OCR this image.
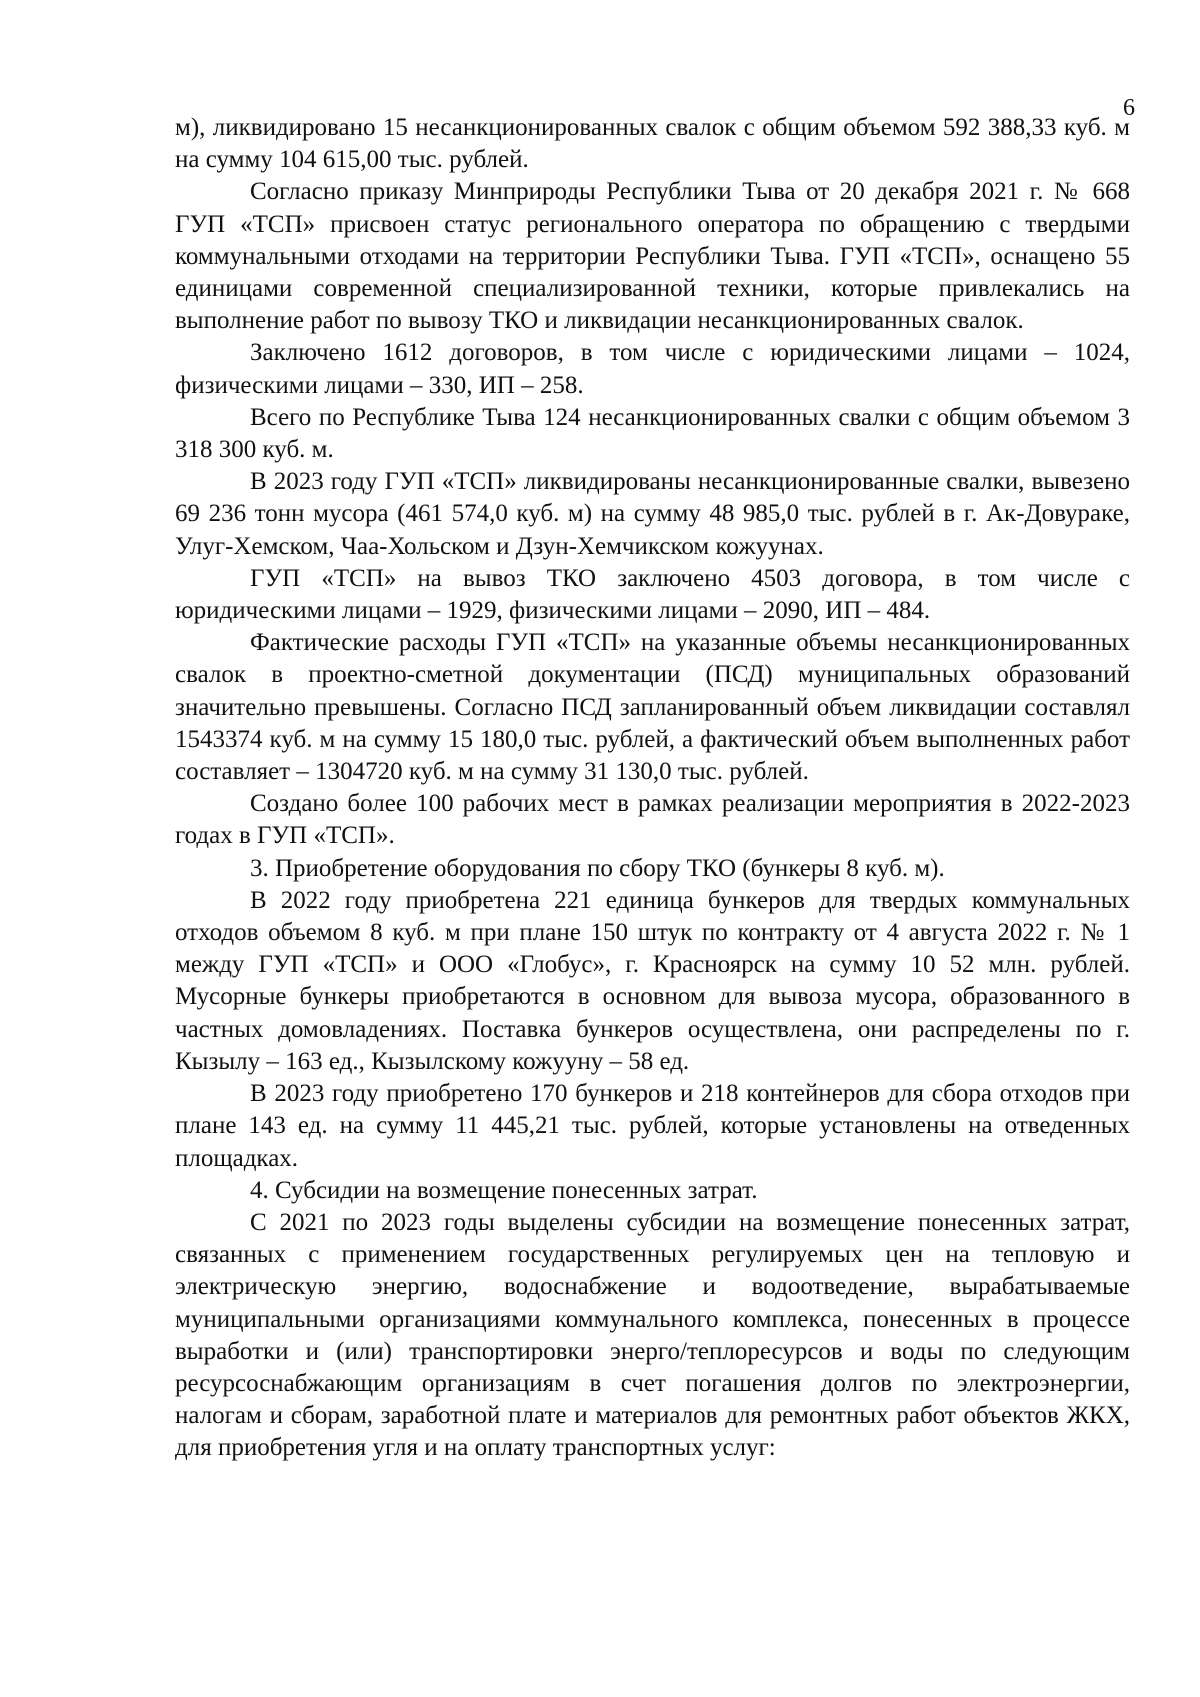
6

м), ликвидировано 15 несанкционированных свалок с общим объемом 592 388,33 куб. м на сумму 104 615,00 тыс. рублей.

Согласно приказу Минприроды Республики Тыва от 20 декабря 2021 г. № 668 ГУП «ТСП» присвоен статус регионального оператора по обращению с твердыми коммунальными отходами на территории Республики Тыва. ГУП «ТСП», оснащено 55 единицами современной специализированной техники, которые привлекались на выполнение работ по вывозу ТКО и ликвидации несанкционированных свалок.

Заключено 1612 договоров, в том числе с юридическими лицами – 1024, физическими лицами – 330, ИП – 258.

Всего по Республике Тыва 124 несанкционированных свалки с общим объемом 3 318 300 куб. м.

В 2023 году ГУП «ТСП» ликвидированы несанкционированные свалки, вывезено 69 236 тонн мусора (461 574,0 куб. м) на сумму 48 985,0 тыс. рублей в г. Ак-Довураке, Улуг-Хемском, Чаа-Хольском и Дзун-Хемчикском кожуунах.

ГУП «ТСП» на вывоз ТКО заключено 4503 договора, в том числе с юридическими лицами – 1929, физическими лицами – 2090, ИП – 484.

Фактические расходы ГУП «ТСП» на указанные объемы несанкционированных свалок в проектно-сметной документации (ПСД) муниципальных образований значительно превышены. Согласно ПСД запланированный объем ликвидации составлял 1543374 куб. м на сумму 15 180,0 тыс. рублей, а фактический объем выполненных работ составляет – 1304720 куб. м на сумму 31 130,0 тыс. рублей.

Создано более 100 рабочих мест в рамках реализации мероприятия в 2022-2023 годах в ГУП «ТСП».

3. Приобретение оборудования по сбору ТКО (бункеры 8 куб. м).

В 2022 году приобретена 221 единица бункеров для твердых коммунальных отходов объемом 8 куб. м при плане 150 штук по контракту от 4 августа 2022 г. № 1 между ГУП «ТСП» и ООО «Глобус», г. Красноярск на сумму 10 52 млн. рублей. Мусорные бункеры приобретаются в основном для вывоза мусора, образованного в частных домовладениях. Поставка бункеров осуществлена, они распределены по г. Кызылу – 163 ед., Кызылскому кожууну – 58 ед.

В 2023 году приобретено 170 бункеров и 218 контейнеров для сбора отходов при плане 143 ед. на сумму 11 445,21 тыс. рублей, которые установлены на отведенных площадках.

4. Субсидии на возмещение понесенных затрат.

С 2021 по 2023 годы выделены субсидии на возмещение понесенных затрат, связанных с применением государственных регулируемых цен на тепловую и электрическую энергию, водоснабжение и водоотведение, вырабатываемые муниципальными организациями коммунального комплекса, понесенных в процессе выработки и (или) транспортировки энерго/теплоресурсов и воды по следующим ресурсоснабжающим организациям в счет погашения долгов по электроэнергии, налогам и сборам, заработной плате и материалов для ремонтных работ объектов ЖКХ, для приобретения угля и на оплату транспортных услуг:
